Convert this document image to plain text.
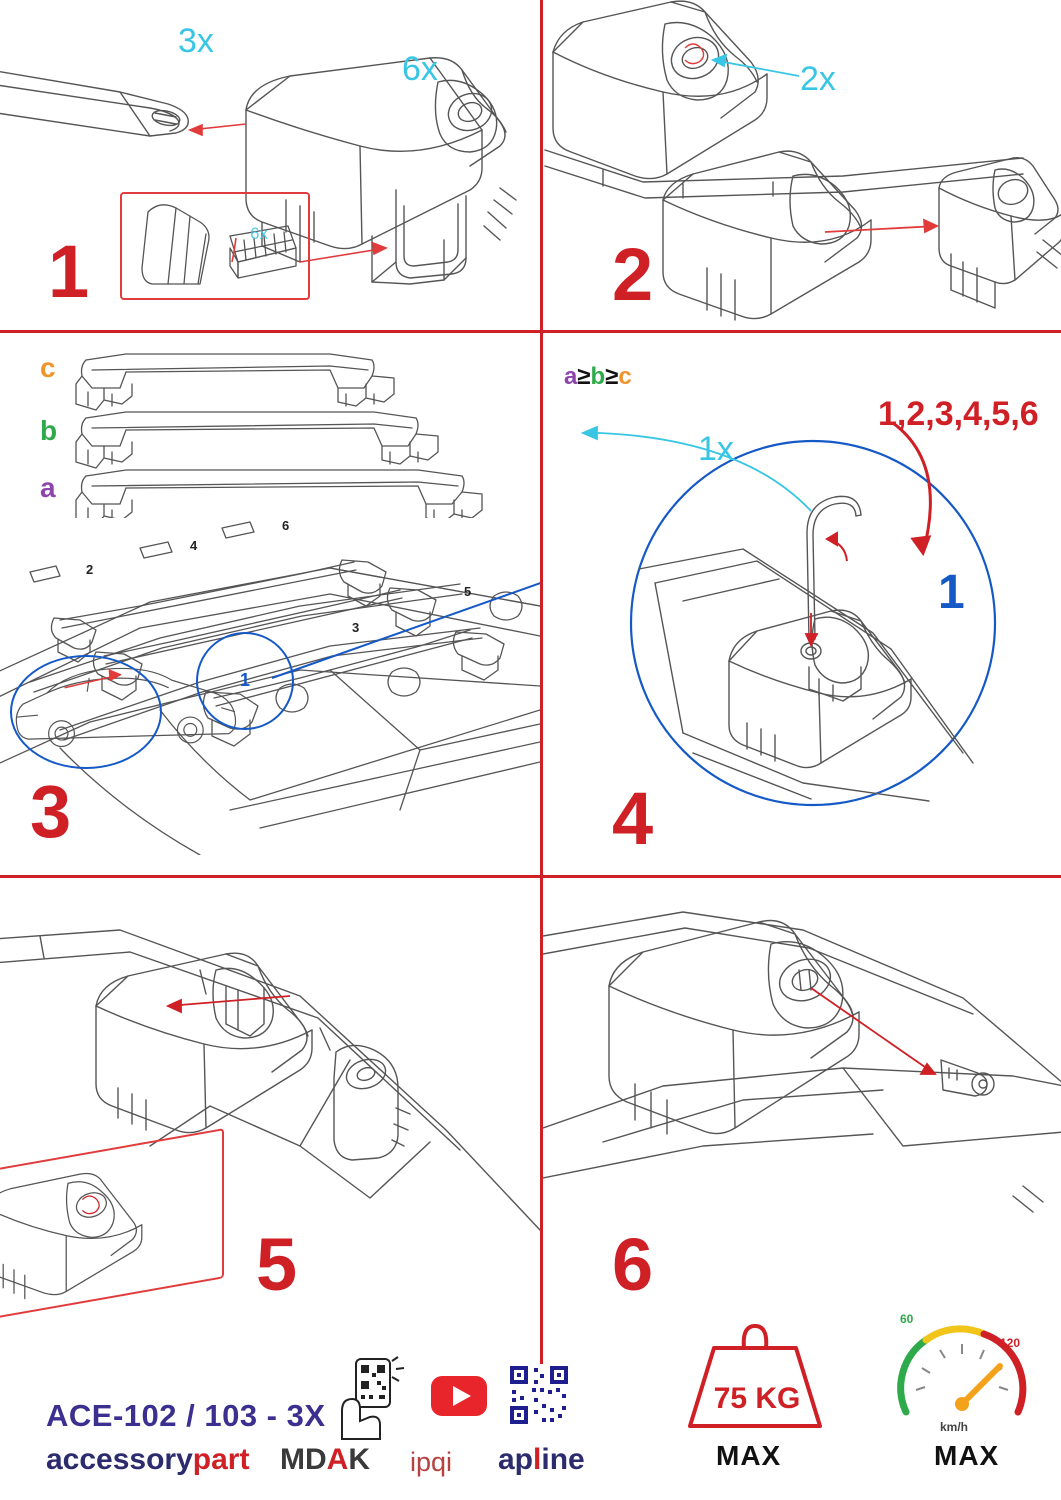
3x
6x
6x
1
2x
2
c
b
a
a≥b≥c
1
2
3
4
5
6
3
1x
1,2,3,4,5,6
1
4
5	6
ACE-102 / 103 - 3X
accessorypart MDAK ipqi apline
75 KG
MAX
60
120
km/h
MAX
